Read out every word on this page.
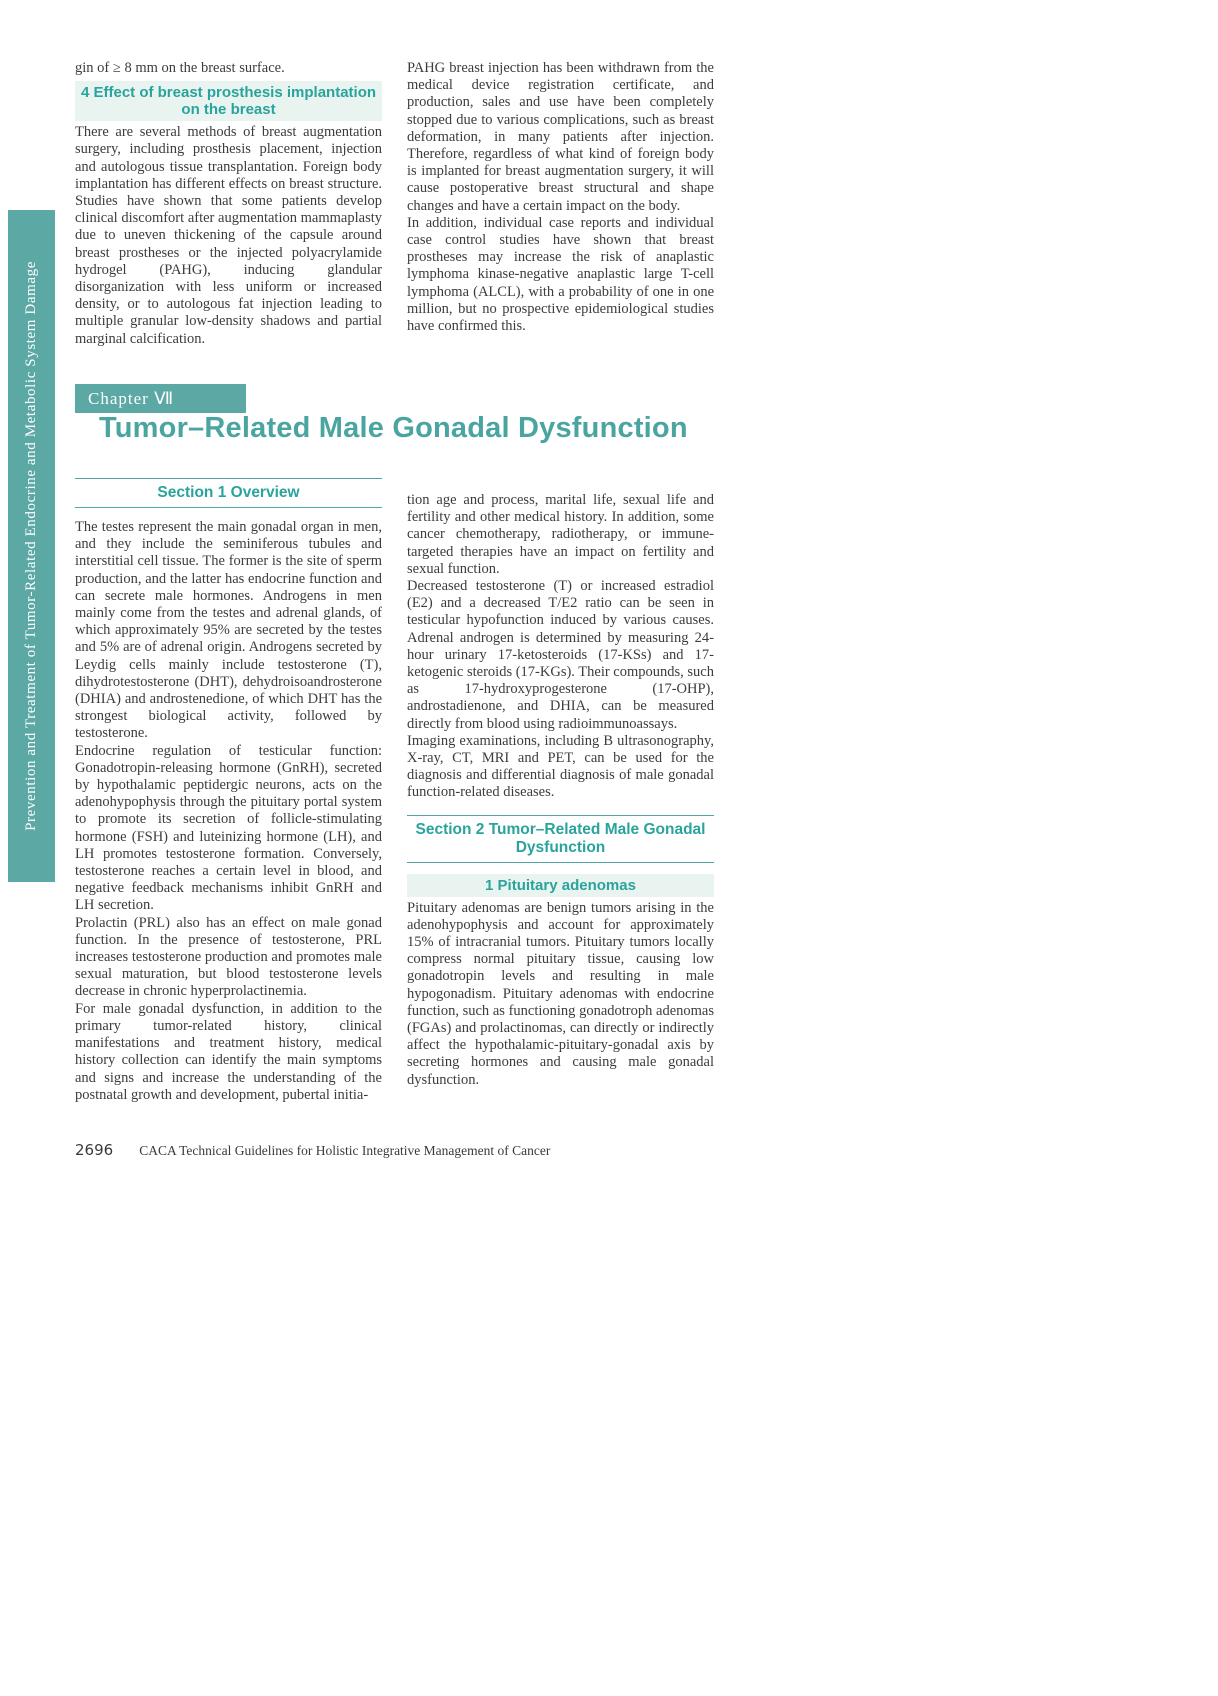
Prevention and Treatment of Tumor-Related Endocrine and Metabolic System Damage

gin of ≥ 8 mm on the breast surface.

4 Effect of breast prosthesis implantation on the breast

There are several methods of breast augmentation surgery, including prosthesis placement, injection and autologous tissue transplantation. Foreign body implantation has different effects on breast structure. Studies have shown that some patients develop clinical discomfort after augmentation mammaplasty due to uneven thickening of the capsule around breast prostheses or the injected polyacrylamide hydrogel (PAHG), inducing glandular disorganization with less uniform or increased density, or to autologous fat injection leading to multiple granular low-density shadows and partial marginal calcification.

PAHG breast injection has been withdrawn from the medical device registration certificate, and production, sales and use have been completely stopped due to various complications, such as breast deformation, in many patients after injection. Therefore, regardless of what kind of foreign body is implanted for breast augmentation surgery, it will cause postoperative breast structural and shape changes and have a certain impact on the body.

In addition, individual case reports and individual case control studies have shown that breast prostheses may increase the risk of anaplastic lymphoma kinase-negative anaplastic large T-cell lymphoma (ALCL), with a probability of one in one million, but no prospective epidemiological studies have confirmed this.

Chapter Ⅶ
Tumor–Related Male Gonadal Dysfunction
Section 1 Overview

The testes represent the main gonadal organ in men, and they include the seminiferous tubules and interstitial cell tissue. The former is the site of sperm production, and the latter has endocrine function and can secrete male hormones. Androgens in men mainly come from the testes and adrenal glands, of which approximately 95% are secreted by the testes and 5% are of adrenal origin. Androgens secreted by Leydig cells mainly include testosterone (T), dihydrotestosterone (DHT), dehydroisoandrosterone (DHIA) and androstenedione, of which DHT has the strongest biological activity, followed by testosterone.

Endocrine regulation of testicular function: Gonadotropin-releasing hormone (GnRH), secreted by hypothalamic peptidergic neurons, acts on the adenohypophysis through the pituitary portal system to promote its secretion of follicle-stimulating hormone (FSH) and luteinizing hormone (LH), and LH promotes testosterone formation. Conversely, testosterone reaches a certain level in blood, and negative feedback mechanisms inhibit GnRH and LH secretion.

Prolactin (PRL) also has an effect on male gonad function. In the presence of testosterone, PRL increases testosterone production and promotes male sexual maturation, but blood testosterone levels decrease in chronic hyperprolactinemia.

For male gonadal dysfunction, in addition to the primary tumor-related history, clinical manifestations and treatment history, medical history collection can identify the main symptoms and signs and increase the understanding of the postnatal growth and development, pubertal initia-

tion age and process, marital life, sexual life and fertility and other medical history. In addition, some cancer chemotherapy, radiotherapy, or immune-targeted therapies have an impact on fertility and sexual function.

Decreased testosterone (T) or increased estradiol (E2) and a decreased T/E2 ratio can be seen in testicular hypofunction induced by various causes. Adrenal androgen is determined by measuring 24-hour urinary 17-ketosteroids (17-KSs) and 17-ketogenic steroids (17-KGs). Their compounds, such as 17-hydroxyprogesterone (17-OHP), androstadienone, and DHIA, can be measured directly from blood using radioimmunoassays.

Imaging examinations, including B ultrasonography, X-ray, CT, MRI and PET, can be used for the diagnosis and differential diagnosis of male gonadal function-related diseases.

Section 2 Tumor–Related Male Gonadal Dysfunction
1 Pituitary adenomas

Pituitary adenomas are benign tumors arising in the adenohypophysis and account for approximately 15% of intracranial tumors. Pituitary tumors locally compress normal pituitary tissue, causing low gonadotropin levels and resulting in male hypogonadism. Pituitary adenomas with endocrine function, such as functioning gonadotroph adenomas (FGAs) and prolactinomas, can directly or indirectly affect the hypothalamic-pituitary-gonadal axis by secreting hormones and causing male gonadal dysfunction.

2696 CACA Technical Guidelines for Holistic Integrative Management of Cancer
